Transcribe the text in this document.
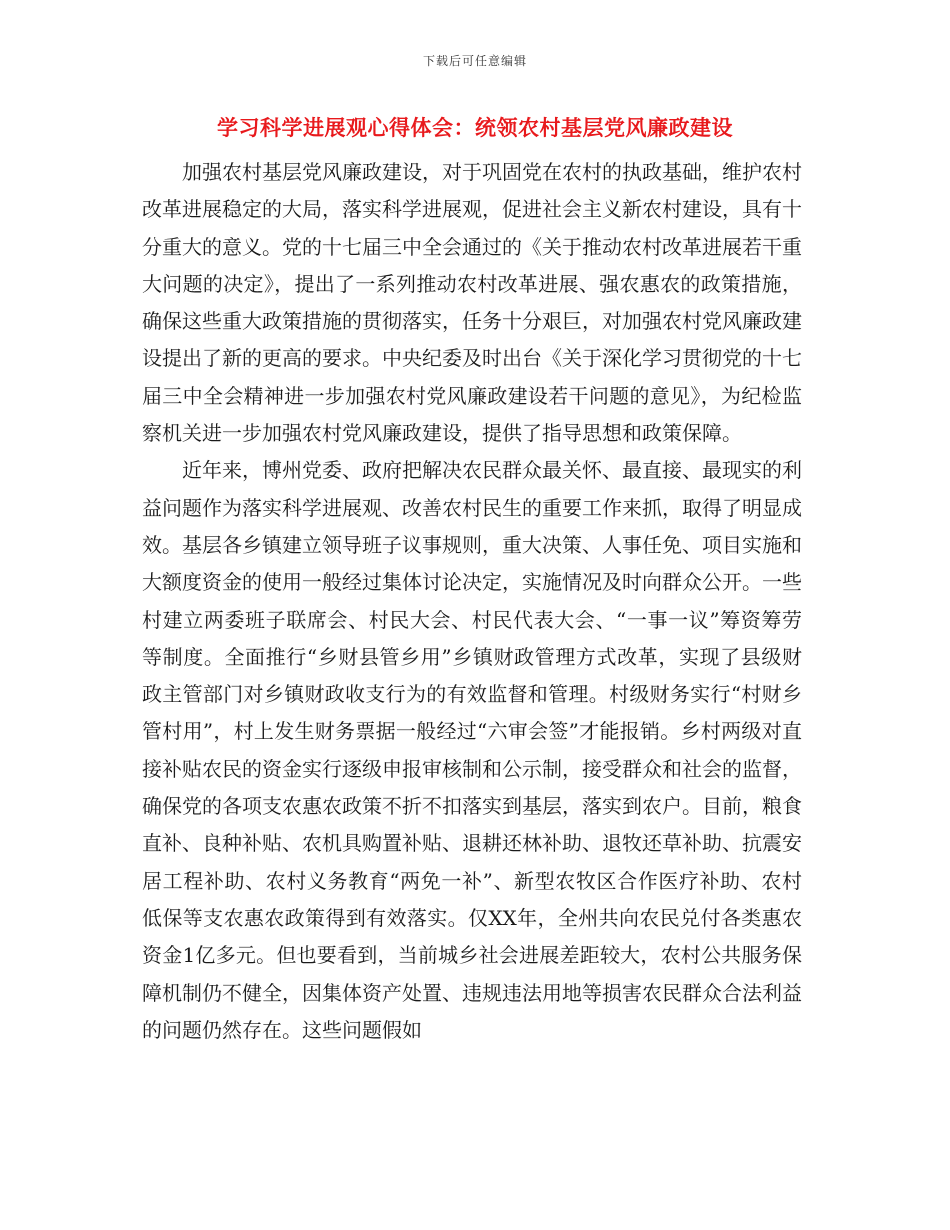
下载后可任意编辑
学习科学进展观心得体会：统领农村基层党风廉政建设

加强农村基层党风廉政建设，对于巩固党在农村的执政基础，维护农村改革进展稳定的大局，落实科学进展观，促进社会主义新农村建设，具有十分重大的意义。党的十七届三中全会通过的《关于推动农村改革进展若干重大问题的决定》，提出了一系列推动农村改革进展、强农惠农的政策措施，确保这些重大政策措施的贯彻落实，任务十分艰巨，对加强农村党风廉政建设提出了新的更高的要求。中央纪委及时出台《关于深化学习贯彻党的十七届三中全会精神进一步加强农村党风廉政建设若干问题的意见》，为纪检监察机关进一步加强农村党风廉政建设，提供了指导思想和政策保障。

近年来，博州党委、政府把解决农民群众最关怀、最直接、最现实的利益问题作为落实科学进展观、改善农村民生的重要工作来抓，取得了明显成效。基层各乡镇建立领导班子议事规则，重大决策、人事任免、项目实施和大额度资金的使用一般经过集体讨论决定，实施情况及时向群众公开。一些村建立两委班子联席会、村民大会、村民代表大会、“一事一议”筹资筹劳等制度。全面推行“乡财县管乡用”乡镇财政管理方式改革，实现了县级财政主管部门对乡镇财政收支行为的有效监督和管理。村级财务实行“村财乡管村用”，村上发生财务票据一般经过“六审会签”才能报销。乡村两级对直接补贴农民的资金实行逐级申报审核制和公示制，接受群众和社会的监督，确保党的各项支农惠农政策不折不扣落实到基层，落实到农户。目前，粮食直补、良种补贴、农机具购置补贴、退耕还林补助、退牧还草补助、抗震安居工程补助、农村义务教育“两免一补”、新型农牧区合作医疗补助、农村低保等支农惠农政策得到有效落实。仅XX年，全州共向农民兑付各类惠农资金1亿多元。但也要看到，当前城乡社会进展差距较大，农村公共服务保障机制仍不健全，因集体资产处置、违规违法用地等损害农民群众合法利益的问题仍然存在。这些问题假如
